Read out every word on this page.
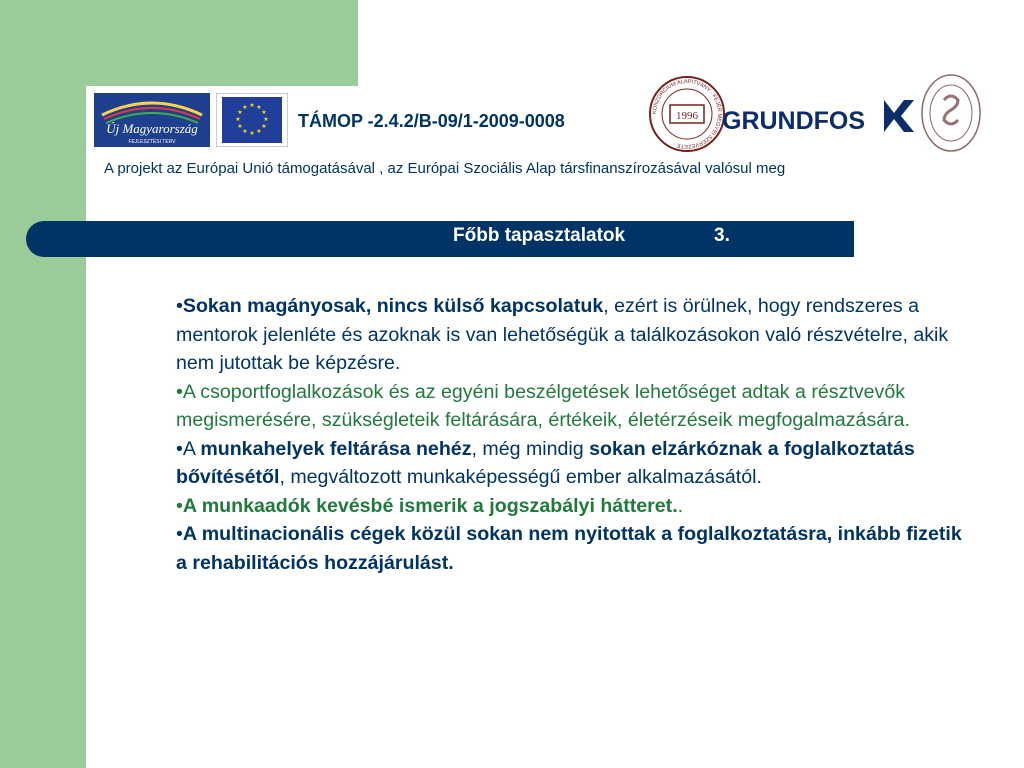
Új Magyarország
FEJLESZTÉSI TERV
★ ★
★
★
★
★
★
★
★
★
★
★
TÁMOP -2.4.2/B-09/1-2009-0008	KONZORCIUM ALAPÍTVÁNY · FEJÉR MEGYEI SZERVEZETE ·
1996 GRUNDFOS
A projekt az Európai Unió támogatásával , az Európai Szociális Alap társfinanszírozásával valósul meg
Főbb tapasztalatok	3.

•Sokan magányosak, nincs külső kapcsolatuk, ezért is örülnek, hogy rendszeres a mentorok jelenléte és azoknak is van lehetőségük a találkozásokon való részvételre, akik nem jutottak be képzésre.

•A csoportfoglalkozások és az egyéni beszélgetések lehetőséget adtak a résztvevők megismerésére, szükségleteik feltárására, értékeik, életérzéseik megfogalmazására.

•A munkahelyek feltárása nehéz, még mindig sokan elzárkóznak a foglalkoztatás bővítésétől, megváltozott munkaképességű ember alkalmazásától.

•A munkaadók kevésbé ismerik a jogszabályi hátteret..

•A multinacionális cégek közül sokan nem nyitottak a foglalkoztatásra, inkább fizetik a rehabilitációs hozzájárulást.
